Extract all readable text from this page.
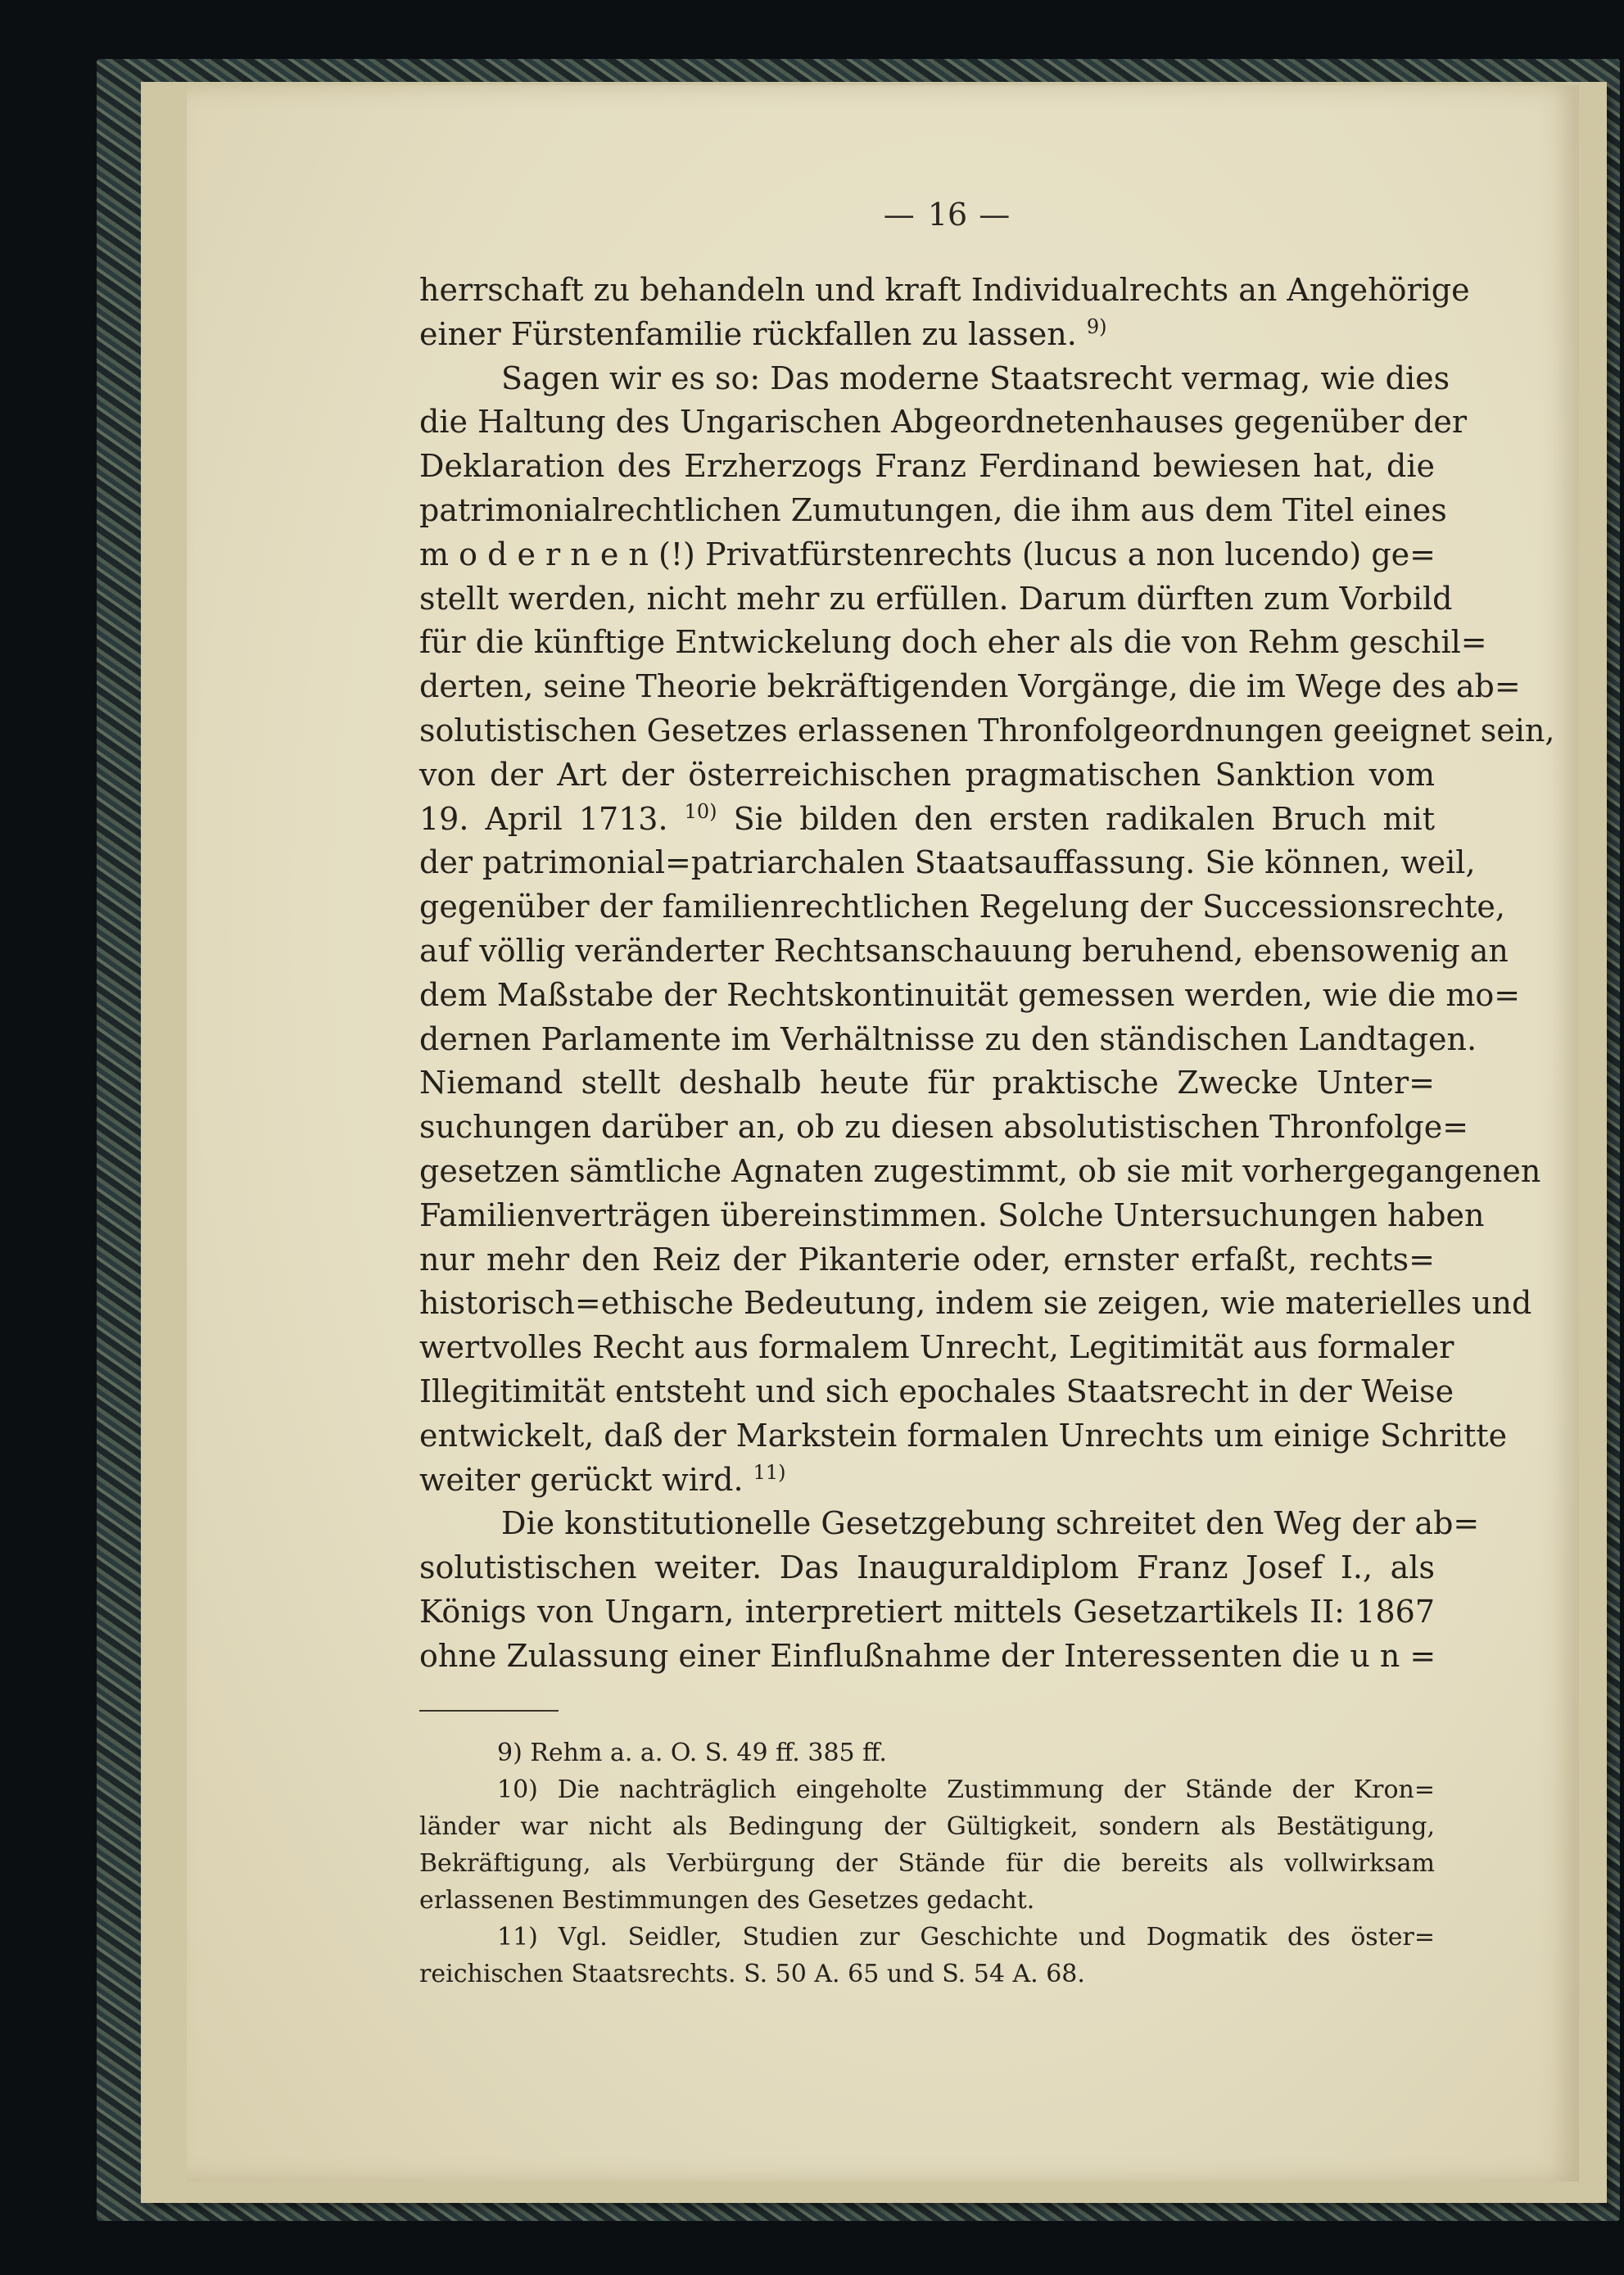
— 16 —
herrschaft zu behandeln und kraft Individualrechts an Angehörige
einer Fürstenfamilie rückfallen zu lassen. $^{9)}$
Sagen wir es so: Das moderne Staatsrecht vermag, wie dies
die Haltung des Ungarischen Abgeordnetenhauses gegenüber der
Deklaration des Erzherzogs Franz Ferdinand bewiesen hat, die
patrimonialrechtlichen Zumutungen, die ihm aus dem Titel eines
m o d e r n e n (!) Privatfürstenrechts (lucus a non lucendo) ge=
stellt werden, nicht mehr zu erfüllen. Darum dürften zum Vorbild
für die künftige Entwickelung doch eher als die von Rehm geschil=
derten, seine Theorie bekräftigenden Vorgänge, die im Wege des ab=
solutistischen Gesetzes erlassenen Thronfolgeordnungen geeignet sein,
von der Art der österreichischen pragmatischen Sanktion vom
19. April 1713. $^{10)}$ Sie bilden den ersten radikalen Bruch mit
der patrimonial=patriarchalen Staatsauffassung. Sie können, weil,
gegenüber der familienrechtlichen Regelung der Successionsrechte,
auf völlig veränderter Rechtsanschauung beruhend, ebensowenig an
dem Maßstabe der Rechtskontinuität gemessen werden, wie die mo=
dernen Parlamente im Verhältnisse zu den ständischen Landtagen.
Niemand stellt deshalb heute für praktische Zwecke Unter=
suchungen darüber an, ob zu diesen absolutistischen Thronfolge=
gesetzen sämtliche Agnaten zugestimmt, ob sie mit vorhergegangenen
Familienverträgen übereinstimmen. Solche Untersuchungen haben
nur mehr den Reiz der Pikanterie oder, ernster erfaßt, rechts=
historisch=ethische Bedeutung, indem sie zeigen, wie materielles und
wertvolles Recht aus formalem Unrecht, Legitimität aus formaler
Illegitimität entsteht und sich epochales Staatsrecht in der Weise
entwickelt, daß der Markstein formalen Unrechts um einige Schritte
weiter gerückt wird. $^{11)}$
Die konstitutionelle Gesetzgebung schreitet den Weg der ab=
solutistischen weiter. Das Inauguraldiplom Franz Josef I., als
Königs von Ungarn, interpretiert mittels Gesetzartikels II: 1867
ohne Zulassung einer Einflußnahme der Interessenten die u n =
9) Rehm a. a. O. S. 49 ff. 385 ff.
10) Die nachträglich eingeholte Zustimmung der Stände der Kron=
länder war nicht als Bedingung der Gültigkeit, sondern als Bestätigung,
Bekräftigung, als Verbürgung der Stände für die bereits als vollwirksam
erlassenen Bestimmungen des Gesetzes gedacht.
11) Vgl. Seidler, Studien zur Geschichte und Dogmatik des öster=
reichischen Staatsrechts. S. 50 A. 65 und S. 54 A. 68.
